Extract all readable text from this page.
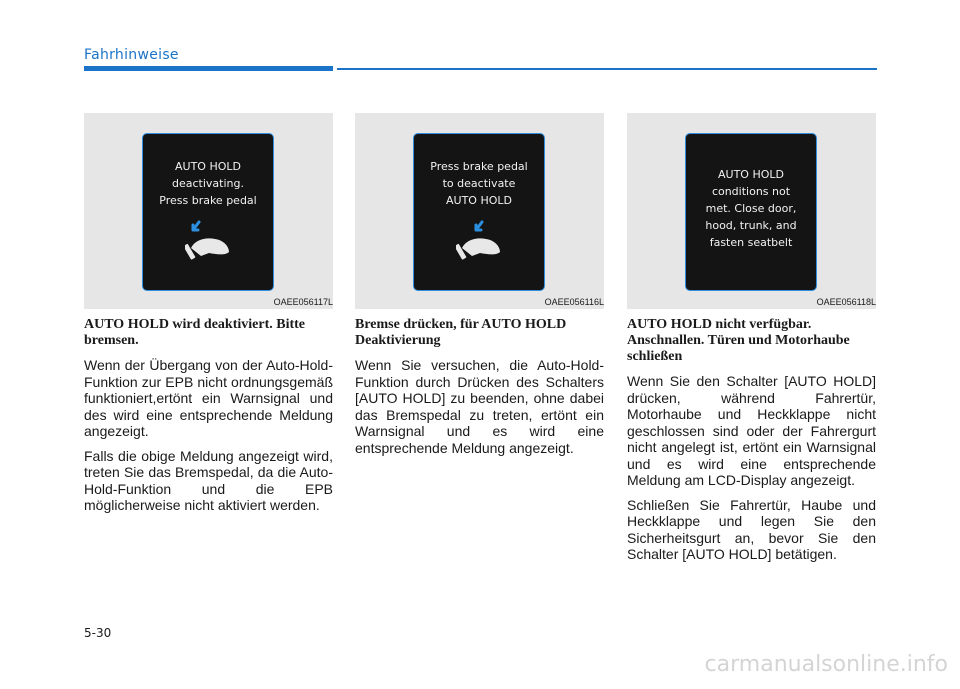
Fahrhinweise
AUTO HOLD
deactivating.
Press brake pedal
OAEE056117L
AUTO HOLD wird deaktiviert. Bitte bremsen.

Wenn der Übergang von der Auto-Hold-Funktion zur EPB nicht ordnungsgemäß funktioniert,ertönt ein Warnsignal und des wird eine entsprechende Meldung angezeigt.

Falls die obige Meldung angezeigt wird, treten Sie das Bremspedal, da die Auto-Hold-Funktion und die EPB möglicherweise nicht aktiviert werden.

Press brake pedal
to deactivate
AUTO HOLD
OAEE056116L
Bremse drücken, für AUTO HOLD Deaktivierung

Wenn Sie versuchen, die Auto-Hold-Funktion durch Drücken des Schalters [AUTO HOLD] zu beenden, ohne dabei das Bremspedal zu treten, ertönt ein Warnsignal und es wird eine entsprechende Meldung angezeigt.

AUTO HOLD
conditions not
met. Close door,
hood, trunk, and
fasten seatbelt
OAEE056118L
AUTO HOLD nicht verfügbar. Anschnallen. Türen und Motorhaube schließen

Wenn Sie den Schalter [AUTO HOLD] drücken, während Fahrertür, Motorhaube und Heckklappe nicht geschlossen sind oder der Fahrergurt nicht angelegt ist, ertönt ein Warnsignal und es wird eine entsprechende Meldung am LCD-Display angezeigt.

Schließen Sie Fahrertür, Haube und Heckklappe und legen Sie den Sicherheitsgurt an, bevor Sie den Schalter [AUTO HOLD] betätigen.

5-30
carmanualsonline.info
